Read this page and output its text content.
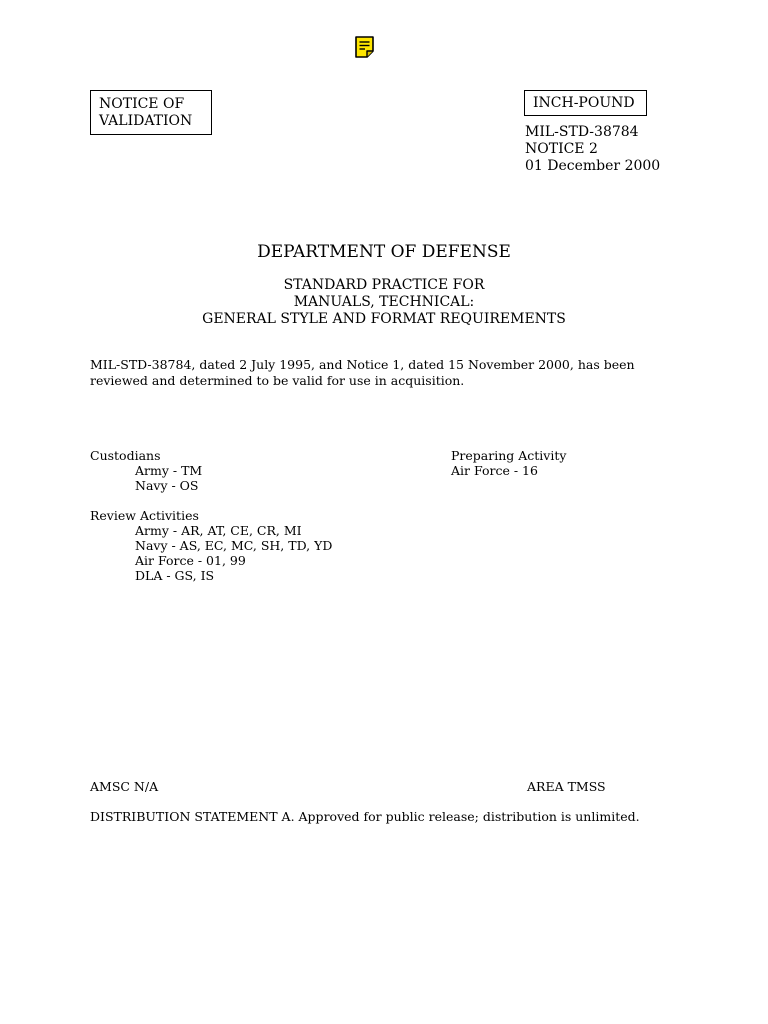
NOTICE OF
VALIDATION
INCH-POUND
MIL-STD-38784
NOTICE 2
01 December 2000
DEPARTMENT OF DEFENSE
STANDARD PRACTICE FOR
MANUALS, TECHNICAL:
GENERAL STYLE AND FORMAT REQUIREMENTS
MIL-STD-38784, dated 2 July 1995, and Notice 1, dated 15 November 2000, has been reviewed and determined to be valid for use in acquisition.
Custodians
Army - TM
Navy - OS
Preparing Activity
Air Force - 16
Review Activities
Army - AR, AT, CE, CR, MI
Navy - AS, EC, MC, SH, TD, YD
Air Force - 01, 99
DLA - GS, IS
AMSC N/A	AREA TMSS
DISTRIBUTION STATEMENT A. Approved for public release; distribution is unlimited.
